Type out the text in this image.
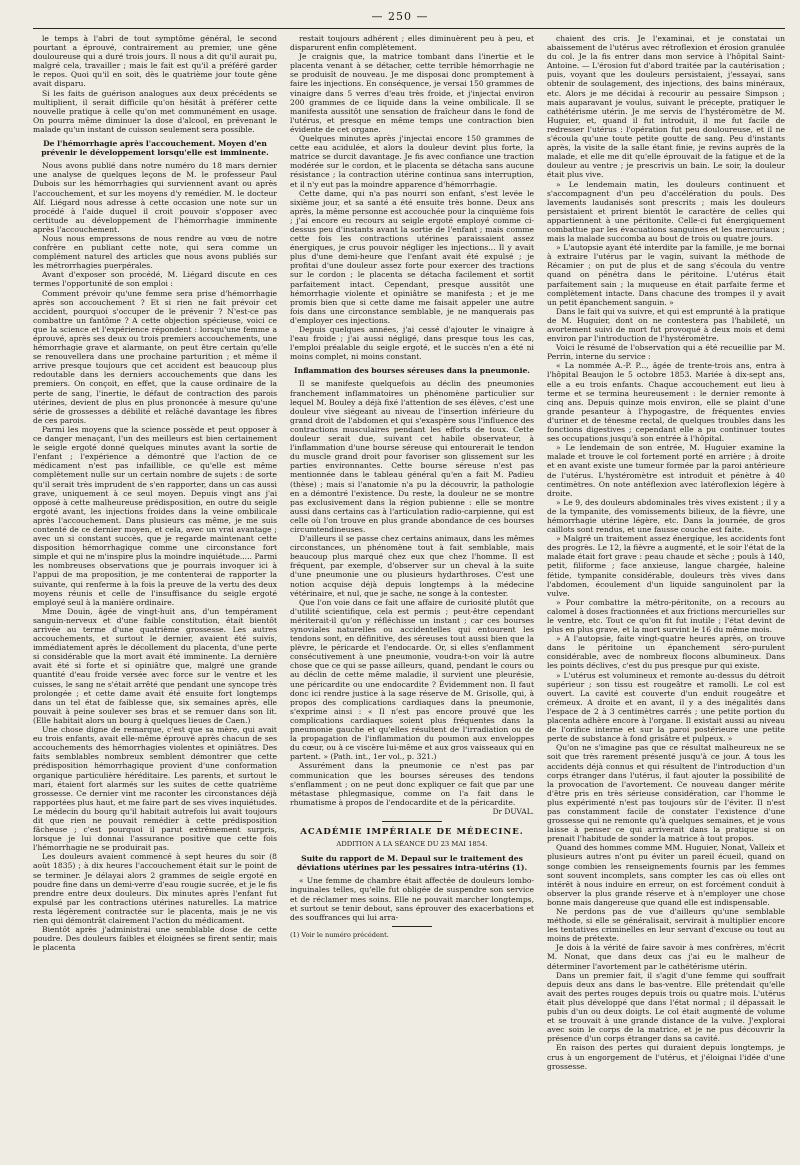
— 250 —

le temps à l'abri de tout symptôme général, le second pourtant a éprouvé, contrairement au premier, une gêne douloureuse qui a duré trois jours. Il nous a dit qu'il aurait pu, malgré cela, travailler ; mais le fait est qu'il a préféré garder le repos. Quoi qu'il en soit, dès le quatrième jour toute gêne avait disparu.

Si les faits de guérison analogues aux deux précédents se multiplient, il serait difficile qu'on hésitât à préférer cette nouvelle pratique à celle qu'on met communément en usage. On pourra même diminuer la dose d'alcool, en prévenant le malade qu'un instant de cuisson seulement sera possible.

De l'hémorrhagie après l'accouchement. Moyen d'en prévenir le développement lorsqu'elle est imminente.

Nous avons publié dans notre numéro du 18 mars dernier une analyse de quelques leçons de M. le professeur Paul Dubois sur les hémorrhagies qui surviennent avant ou après l'accouchement, et sur les moyens d'y remédier. M. le docteur Alf. Liégard nous adresse à cette occasion une note sur un procédé à l'aide duquel il croit pouvoir s'opposer avec certitude au développement de l'hémorrhagie imminente après l'accouchement.

Nous nous empressons de nous rendre au vœu de notre confrère en publiant cette note, qui sera comme un complément naturel des articles que nous avons publiés sur les métrorrhagies puerpérales.

Avant d'exposer son procédé, M. Liégard discute en ces termes l'opportunité de son emploi :

Comment prévoir qu'une femme sera prise d'hémorrhagie après son accouchement ? Et si rien ne fait prévoir cet accident, pourquoi s'occuper de le prévenir ? N'est-ce pas combattre un fantôme ? A cette objection spécieuse, voici ce que la science et l'expérience répondent : lorsqu'une femme a éprouvé, après ses deux ou trois premiers accouchements, une hémorrhagie grave et alarmante, on peut être certain qu'elle se renouvellera dans une prochaine parturition ; et même il arrive presque toujours que cet accident est beaucoup plus redoutable dans les derniers accouchements que dans les premiers. On conçoit, en effet, que la cause ordinaire de la perte de sang, l'inertie, le défaut de contraction des parois utérines, devient de plus en plus prononcée à mesure qu'une série de grossesses a débilité et relâché davantage les fibres de ces parois.

Parmi les moyens que la science possède et peut opposer à ce danger menaçant, l'un des meilleurs est bien certainement le seigle ergoté donné quelques minutes avant la sortie de l'enfant ; l'expérience a démontré que l'action de ce médicament n'est pas infaillible, ce qu'elle est même complètement nulle sur un certain nombre de sujets : de sorte qu'il serait très imprudent de s'en rapporter, dans un cas aussi grave, uniquement à ce seul moyen. Depuis vingt ans j'ai opposé à cette malheureuse prédisposition, en outre du seigle ergoté avant, les injections froides dans la veine ombilicale après l'accouchement. Dans plusieurs cas même, je me suis contenté de ce dernier moyen, et cela, avec un vrai avantage ; avec un si constant succès, que je regarde maintenant cette disposition hémorrhagique comme une circonstance fort simple et qui ne m'inspire plus la moindre inquiétude..... Parmi les nombreuses observations que je pourrais invoquer ici à l'appui de ma proposition, je me contenterai de rapporter la suivante, qui renferme à la fois la preuve de la vertu des deux moyens réunis et celle de l'insuffisance du seigle ergoté employé seul à la manière ordinaire.

Mme Douin, âgée de vingt-huit ans, d'un tempérament sanguin-nerveux et d'une faible constitution, était bientôt arrivée au terme d'une quatrième grossesse. Les autres accouchements, et surtout le dernier, avaient été suivis, immédiatement après le décollement du placenta, d'une perte si considérable que la mort avait été imminente. La dernière avait été si forte et si opiniâtre que, malgré une grande quantité d'eau froide versée avec force sur le ventre et les cuisses, le sang ne s'était arrêté que pendant une syncope très prolongée ; et cette dame avait été ensuite fort longtemps dans un tel état de faiblesse que, six semaines après, elle pouvait à peine soulever ses bras et se remuer dans son lit. (Elle habitait alors un bourg à quelques lieues de Caen.)

Une chose digne de remarque, c'est que sa mère, qui avait eu trois enfants, avait elle-même éprouvé après chacun de ses accouchements des hémorrhagies violentes et opiniâtres. Des faits semblables nombreux semblent démontrer que cette prédisposition hémorrhagique provient d'une conformation organique particulière héréditaire. Les parents, et surtout le mari, étaient fort alarmés sur les suites de cette quatrième grossesse. Ce dernier vint me raconter les circonstances déjà rapportées plus haut, et me faire part de ses vives inquiétudes. Le médecin du bourg qu'il habitait autrefois lui avait toujours dit que rien ne pouvait remédier à cette prédisposition fâcheuse ; c'est pourquoi il parut extrêmement surpris, lorsque je lui donnai l'assurance positive que cette fois l'hémorrhagie ne se produirait pas.

Les douleurs avaient commencé à sept heures du soir (8 août 1835) ; à dix heures l'accouchement était sur le point de se terminer. Je délayai alors 2 grammes de seigle ergoté en poudre fine dans un demi-verre d'eau rougie sucrée, et je le fis prendre entre deux douleurs. Dix minutes après l'enfant fut expulsé par les contractions utérines naturelles. La matrice resta légèrement contractée sur le placenta, mais je ne vis rien qui démontrât clairement l'action du médicament.

Bientôt après j'administrai une semblable dose de cette poudre. Des douleurs faibles et éloignées se firent sentir, mais le placenta

restait toujours adhérent ; elles diminuèrent peu à peu, et disparurent enfin complètement.

Je craignis que, la matrice tombant dans l'inertie et le placenta venant à se détacher, cette terrible hémorrhagie ne se produisît de nouveau. Je me disposai donc promptement à faire les injections. En conséquence, je versai 150 grammes de vinaigre dans 5 verres d'eau très froide, et j'injectai environ 200 grammes de ce liquide dans la veine ombilicale. Il se manifesta aussitôt une sensation de fraîcheur dans le fond de l'utérus, et presque en même temps une contraction bien évidente de cet organe.

Quelques minutes après j'injectai encore 150 grammes de cette eau acidulée, et alors la douleur devint plus forte, la matrice se durcit davantage. Je fis avec confiance une traction modérée sur le cordon, et le placenta se détacha sans aucune résistance ; la contraction utérine continua sans interruption, et il n'y eut pas la moindre apparence d'hémorrhagie.

Cette dame, qui n'a pas nourri son enfant, s'est levée le sixième jour, et sa santé a été ensuite très bonne. Deux ans après, la même personne est accouchée pour la cinquième fois ; j'ai encore eu recours au seigle ergoté employé comme ci-dessus peu d'instants avant la sortie de l'enfant ; mais comme cette fois les contractions utérines paraissaient assez énergiques, je crus pouvoir négliger les injections... Il y avait plus d'une demi-heure que l'enfant avait été expulsé ; je profitai d'une douleur assez forte pour exercer des tractions sur le cordon ; le placenta se détacha facilement et sortit parfaitement intact. Cependant, presque aussitôt une hémorrhagie violente et opiniâtre se manifesta ; et je me promis bien que si cette dame me faisait appeler une autre fois dans une circonstance semblable, je ne manquerais pas d'employer ces injections.

Depuis quelques années, j'ai cessé d'ajouter le vinaigre à l'eau froide ; j'ai aussi négligé, dans presque tous les cas, l'emploi préalable du seigle ergoté, et le succès n'en a été ni moins complet, ni moins constant.

Inflammation des bourses séreuses dans la pneumonie.

Il se manifeste quelquefois au déclin des pneumonies franchement inflammatoires un phénomène particulier sur lequel M. Bouley a déjà fixé l'attention de ses élèves, c'est une douleur vive siégeant au niveau de l'insertion inférieure du grand droit de l'abdomen et qui s'exaspère sous l'influence des contractions musculaires pendant les efforts de toux. Cette douleur serait due, suivant cet habile observateur, à l'inflammation d'une bourse séreuse qui entourerait le tendon du muscle grand droit pour favoriser son glissement sur les parties environnantes. Cette bourse séreuse n'est pas mentionnée dans le tableau général qu'en a fait M. Padieu (thèse) ; mais si l'anatomie n'a pu la découvrir, la pathologie en a démontré l'existence. Du reste, la douleur ne se montre pas exclusivement dans la région pubienne : elle se montre aussi dans certains cas à l'articulation radio-carpienne, qui est celle où l'on trouve en plus grande abondance de ces bourses circumtendineuses.

D'ailleurs il se passe chez certains animaux, dans les mêmes circonstances, un phénomène tout à fait semblable, mais beaucoup plus marqué chez eux que chez l'homme. Il est fréquent, par exemple, d'observer sur un cheval à la suite d'une pneumonie une ou plusieurs hydarthroses. C'est une notion acquise déjà depuis longtemps à la médecine vétérinaire, et nul, que je sache, ne songe à la contester.

Que l'on voie dans ce fait une affaire de curiosité plutôt que d'utilité scientifique, cela est permis ; peut-être cependant mériterait-il qu'on y réfléchisse un instant ; car ces bourses synoviales naturelles ou accidentelles qui entourent les tendons sont, en définitive, des séreuses tout aussi bien que la plèvre, le péricarde et l'endocarde. Or, si elles s'enflamment consécutivement à une pneumonie, voudra-t-on voir là autre chose que ce qui se passe ailleurs, quand, pendant le cours ou au déclin de cette même maladie, il survient une pleurésie, une péricardite ou une endocardite ? Évidemment non. Il faut donc ici rendre justice à la sage réserve de M. Grisolle, qui, à propos des complications cardiaques dans la pneumonie, s'exprime ainsi : « Il n'est pas encore prouvé que les complications cardiaques soient plus fréquentes dans la pneumonie gauche et qu'elles résultent de l'irradiation ou de la propagation de l'inflammation du poumon aux enveloppes du cœur, ou à ce viscère lui-même et aux gros vaisseaux qui en partent. » (Path. int., 1er vol., p. 321.)

Assurément dans la pneumonie ce n'est pas par communication que les bourses séreuses des tendons s'enflamment ; on ne peut donc expliquer ce fait que par une métastase phlegmasique, comme on l'a fait dans le rhumatisme à propos de l'endocardite et de la péricardite.

Dr DUVAL.

ACADÉMIE IMPÉRIALE DE MÉDECINE.

ADDITION A LA SÉANCE DU 23 MAI 1854.

Suite du rapport de M. Depaul sur le traitement des déviations utérines par les pessaires intra-utérins (1).

« Une femme de chambre était affectée de douleurs lombo-inguinales telles, qu'elle fut obligée de suspendre son service et de réclamer mes soins. Elle ne pouvait marcher longtemps, et surtout se tenir debout, sans éprouver des exacerbations et des souffrances qui lui arra-

(1) Voir le numéro précédent.

chaient des cris. Je l'examinai, et je constatai un abaissement de l'utérus avec rétroflexion et érosion granulée du col. Je la fis entrer dans mon service à l'hôpital Saint-Antoine. — L'érosion fut d'abord traitée par la cautérisation ; puis, voyant que les douleurs persistaient, j'essayai, sans obtenir de soulagement, des injections, des bains minéraux, etc. Alors je me décidai à recourir au pessaire Simpson ; mais auparavant je voulus, suivant le précepte, pratiquer le cathétérisme utérin. Je me servis de l'hystéromètre de M. Huguier, et, quand il fut introduit, il me fut facile de redresser l'utérus : l'opération fut peu douloureuse, et il ne s'écoula qu'une toute petite goutte de sang. Peu d'instants après, la visite de la salle étant finie, je revins auprès de la malade, et elle me dit qu'elle éprouvait de la fatigue et de la douleur au ventre ; je prescrivis un bain. Le soir, la douleur était plus vive.

» Le lendemain matin, les douleurs continuent et s'accompagnent d'un peu d'accélération du pouls. Des lavements laudanisés sont prescrits ; mais les douleurs persistaient et prirent bientôt le caractère de celles qui appartiennent à une péritonite. Celle-ci fut énergiquement combattue par les évacuations sanguines et les mercuriaux ; mais la malade succomba au bout de trois ou quatre jours.

» L'autopsie ayant été interdite par la famille, je me bornai à extraire l'utérus par le vagin, suivant la méthode de Récamier ; on put de plus et de sang s'écoula du ventre quand on pénétra dans le péritoine. L'utérus était parfaitement sain ; la muqueuse en était parfaite ferme et complètement intacte. Dans chacune des trompes il y avait un petit épanchement sanguin. »

Dans le fait qui va suivre, et qui est emprunté à la pratique de M. Huguier, dont on ne contestera pas l'habileté, un avortement suivi de mort fut provoqué à deux mois et demi environ par l'introduction de l'hystéromètre.

Voici le résumé de l'observation qui a été recueillie par M. Perrin, interne du service :

« La nommée A.-P. P..., âgée de trente-trois ans, entra à l'hôpital Beaujon le 5 octobre 1853. Mariée à dix-sept ans, elle a eu trois enfants. Chaque accouchement eut lieu à terme et se termina heureusement : le dernier remonte à cinq ans. Depuis quinze mois environ, elle se plaint d'une grande pesanteur à l'hypogastre, de fréquentes envies d'uriner et de ténesme rectal, de quelques troubles dans les fonctions digestives ; cependant elle a pu continuer toutes ses occupations jusqu'à son entrée à l'hôpital.

» Le lendemain de son entrée, M. Huguier examine la malade et trouve le col fortement porté en arrière ; à droite et en avant existe une tumeur formée par la paroi antérieure de l'utérus. L'hystéromètre est introduit et pénètre à 40 centimètres. On note antéflexion avec latéroflexion légère à droite.

» Le 9, des douleurs abdominales très vives existent ; il y a de la tympanite, des vomissements bilieux, de la fièvre, une hémorrhagie utérine légère, etc. Dans la journée, de gros caillots sont rendus, et une fausse couche est faite.

» Malgré un traitement assez énergique, les accidents font des progrès. Le 12, la fièvre a augmenté, et le soir l'état de la malade était fort grave : peau chaude et sèche ; pouls à 140, petit, filiforme ; face anxieuse, langue chargée, haleine fétide, tympanite considérable, douleurs très vives dans l'abdomen, écoulement d'un liquide sanguinolent par la vulve.

» Pour combattre la métro-péritonite, on a recours au calomel à doses fractionnées et aux frictions mercurielles sur le ventre, etc. Tout ce qu'on fit fut inutile ; l'état devint de plus en plus grave, et la mort survint le 16 du même mois.

» A l'autopsie, faite vingt-quatre heures après, on trouve dans le péritoine un épanchement séro-purulent considérable, avec de nombreux flocons albumineux. Dans les points déclives, c'est du pus presque pur qui existe.

» L'utérus est volumineux et remonte au-dessus du détroit supérieur ; son tissu est rougeâtre et ramolli. Le col est ouvert. La cavité est couverte d'un enduit rougeâtre et crémeux. A droite et en avant, il y a des inégalités dans l'espace de 2 à 3 centimètres carrés ; une petite portion du placenta adhère encore à l'organe. Il existait aussi au niveau de l'orifice interne et sur la paroi postérieure une petite perte de substance à fond grisâtre et pulpeux. »

Qu'on ne s'imagine pas que ce résultat malheureux ne se soit que très rarement présenté jusqu'à ce jour. A tous les accidents déjà connus et qui résultent de l'introduction d'un corps étranger dans l'utérus, il faut ajouter la possibilité de la provocation de l'avortement. Ce nouveau danger mérite d'être pris en très sérieuse considération, car l'homme le plus expérimenté n'est pas toujours sûr de l'éviter. Il n'est pas constamment facile de constater l'existence d'une grossesse qui ne remonte qu'à quelques semaines, et je vous laisse à penser ce qui arriverait dans la pratique si on prenait l'habitude de sonder la matrice à tout propos.

Quand des hommes comme MM. Huguier, Nonat, Valleix et plusieurs autres n'ont pu éviter un pareil écueil, quand on songe combien les renseignements fournis par les femmes sont souvent incomplets, sans compter les cas où elles ont intérêt à nous induire en erreur, on est forcément conduit à observer la plus grande réserve et à n'employer une chose bonne mais dangereuse que quand elle est indispensable.

Ne perdons pas de vue d'ailleurs qu'une semblable méthode, si elle se généralisait, servirait à multiplier encore les tentatives criminelles en leur servant d'excuse ou tout au moins de prétexte.

Je dois à la vérité de faire savoir à mes confrères, m'écrit M. Nonat, que dans deux cas j'ai eu le malheur de déterminer l'avortement par le cathétérisme utérin.

Dans un premier fait, il s'agit d'une femme qui souffrait depuis deux ans dans le bas-ventre. Elle prétendait qu'elle avait des pertes rouges depuis trois ou quatre mois. L'utérus était plus développé que dans l'état normal ; il dépassait le pubis d'un ou deux doigts. Le col était augmenté de volume et se trouvait à une grande distance de la vulve. J'explorai avec soin le corps de la matrice, et je ne pus découvrir la présence d'un corps étranger dans sa cavité.

En raison des pertes qui duraient depuis longtemps, je crus à un engorgement de l'utérus, et j'éloignai l'idée d'une grossesse.
